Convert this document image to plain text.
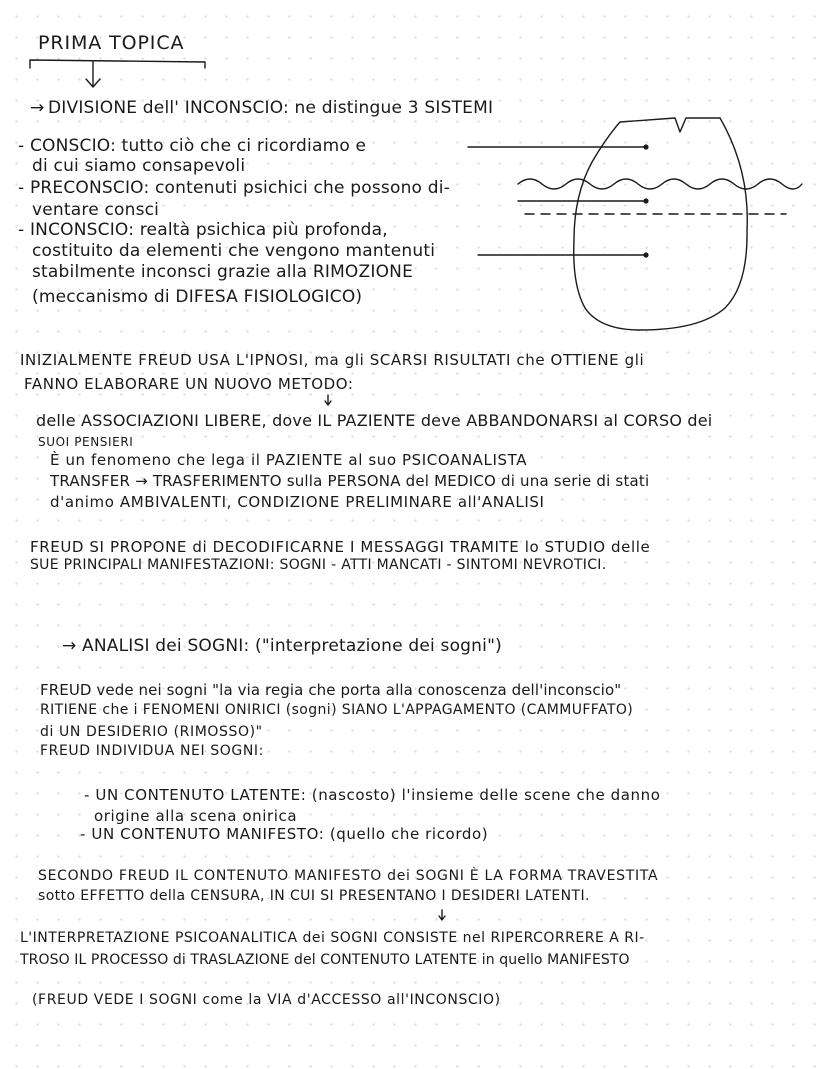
PRIMA TOPICA
→ DIVISIONE dell' INCONSCIO: ne distingue 3 SISTEMI
- CONSCIO: tutto ciò che ci ricordiamo e
di cui siamo consapevoli
- PRECONSCIO: contenuti psichici che possono di-
ventare consci
- INCONSCIO: realtà psichica più profonda,
costituito da elementi che vengono mantenuti
stabilmente inconsci grazie alla RIMOZIONE
(meccanismo di DIFESA FISIOLOGICO)
INIZIALMENTE FREUD USA L'IPNOSI, ma gli SCARSI RISULTATI che OTTIENE gli
FANNO ELABORARE UN NUOVO METODO:
delle ASSOCIAZIONI LIBERE, dove IL PAZIENTE deve ABBANDONARSI al CORSO dei
SUOI PENSIERI
È un fenomeno che lega il PAZIENTE al suo PSICOANALISTA
TRANSFER → TRASFERIMENTO sulla PERSONA del MEDICO di una serie di stati
d'animo AMBIVALENTI, CONDIZIONE PRELIMINARE all'ANALISI
FREUD SI PROPONE di DECODIFICARNE I MESSAGGI TRAMITE lo STUDIO delle
SUE PRINCIPALI MANIFESTAZIONI: SOGNI - ATTI MANCATI - SINTOMI NEVROTICI.
→ ANALISI dei SOGNI: ("interpretazione dei sogni")
FREUD vede nei sogni "la via regia che porta alla conoscenza dell'inconscio"
RITIENE che i FENOMENI ONIRICI (sogni) SIANO L'APPAGAMENTO (CAMMUFFATO)
di UN DESIDERIO (RIMOSSO)"
FREUD INDIVIDUA NEI SOGNI:
- UN CONTENUTO LATENTE: (nascosto) l'insieme delle scene che danno
origine alla scena onirica
- UN CONTENUTO MANIFESTO: (quello che ricordo)
SECONDO FREUD IL CONTENUTO MANIFESTO dei SOGNI È LA FORMA TRAVESTITA
sotto EFFETTO della CENSURA, IN CUI SI PRESENTANO I DESIDERI LATENTI.
L'INTERPRETAZIONE PSICOANALITICA dei SOGNI CONSISTE nel RIPERCORRERE A RI-
TROSO IL PROCESSO di TRASLAZIONE del CONTENUTO LATENTE in quello MANIFESTO
(FREUD VEDE I SOGNI come la VIA d'ACCESSO all'INCONSCIO)
